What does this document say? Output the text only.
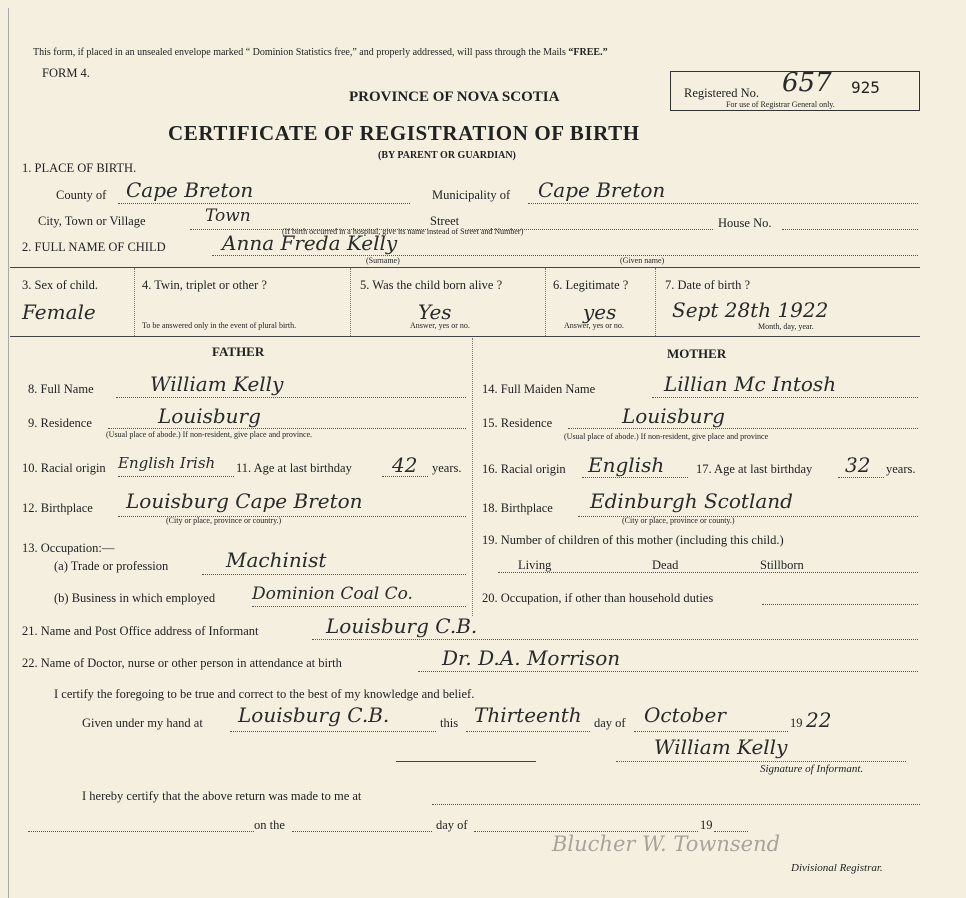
This form, if placed in an unsealed envelope marked “ Dominion Statistics free,” and properly addressed, will pass through the Mails “FREE.”
FORM 4.
PROVINCE OF NOVA SCOTIA
CERTIFICATE OF REGISTRATION OF BIRTH
(BY PARENT OR GUARDIAN)
Registered No. 657 925
For use of Registrar General only.
1. PLACE OF BIRTH.
County of Cape Breton	Municipality of Cape Breton
City, Town or Village	Town	Street	House No.
(If birth occurred in a hospital, give its name instead of Street and Number)
2. FULL NAME OF CHILD	Anna Freda Kelly
(Surname)	(Given name)
3. Sex of child.
Female
4. Twin, triplet or other ?
To be answered only in the event of plural birth.
5. Was the child born alive ?
Yes
Answer, yes or no.
6. Legitimate ?
yes
Answer, yes or no.
7. Date of birth ?
Sept 28th 1922
Month, day, year.
FATHER	MOTHER
8. Full Name	William Kelly
9. Residence	Louisburg
(Usual place of abode.) If non-resident, give place and province.
10. Racial origin English Irish 11. Age at last birthday 42 years.
12. Birthplace Louisburg Cape Breton
(City or place, province or country.)
13. Occupation:—
(a) Trade or profession	Machinist
(b) Business in which employed Dominion Coal Co.
14. Full Maiden Name	Lillian Mc Intosh
15. Residence	Louisburg
(Usual place of abode.) If non-resident, give place and province
16. Racial origin English	17. Age at last birthday 32 years.
18. Birthplace Edinburgh Scotland
(City or place, province or county.)
19. Number of children of this mother (including this child.)
Living	Dead	Stillborn
20. Occupation, if other than household duties
21. Name and Post Office address of Informant	Louisburg C.B.
22. Name of Doctor, nurse or other person in attendance at birth	Dr. D.A. Morrison
I certify the foregoing to be true and correct to the best of my knowledge and belief.
Given under my hand at Louisburg C.B.	this Thirteenth day of October	19 22
William Kelly
Signature of Informant.
I hereby certify that the above return was made to me at
on the	day of	19
Blucher W. Townsend
Divisional Registrar.
